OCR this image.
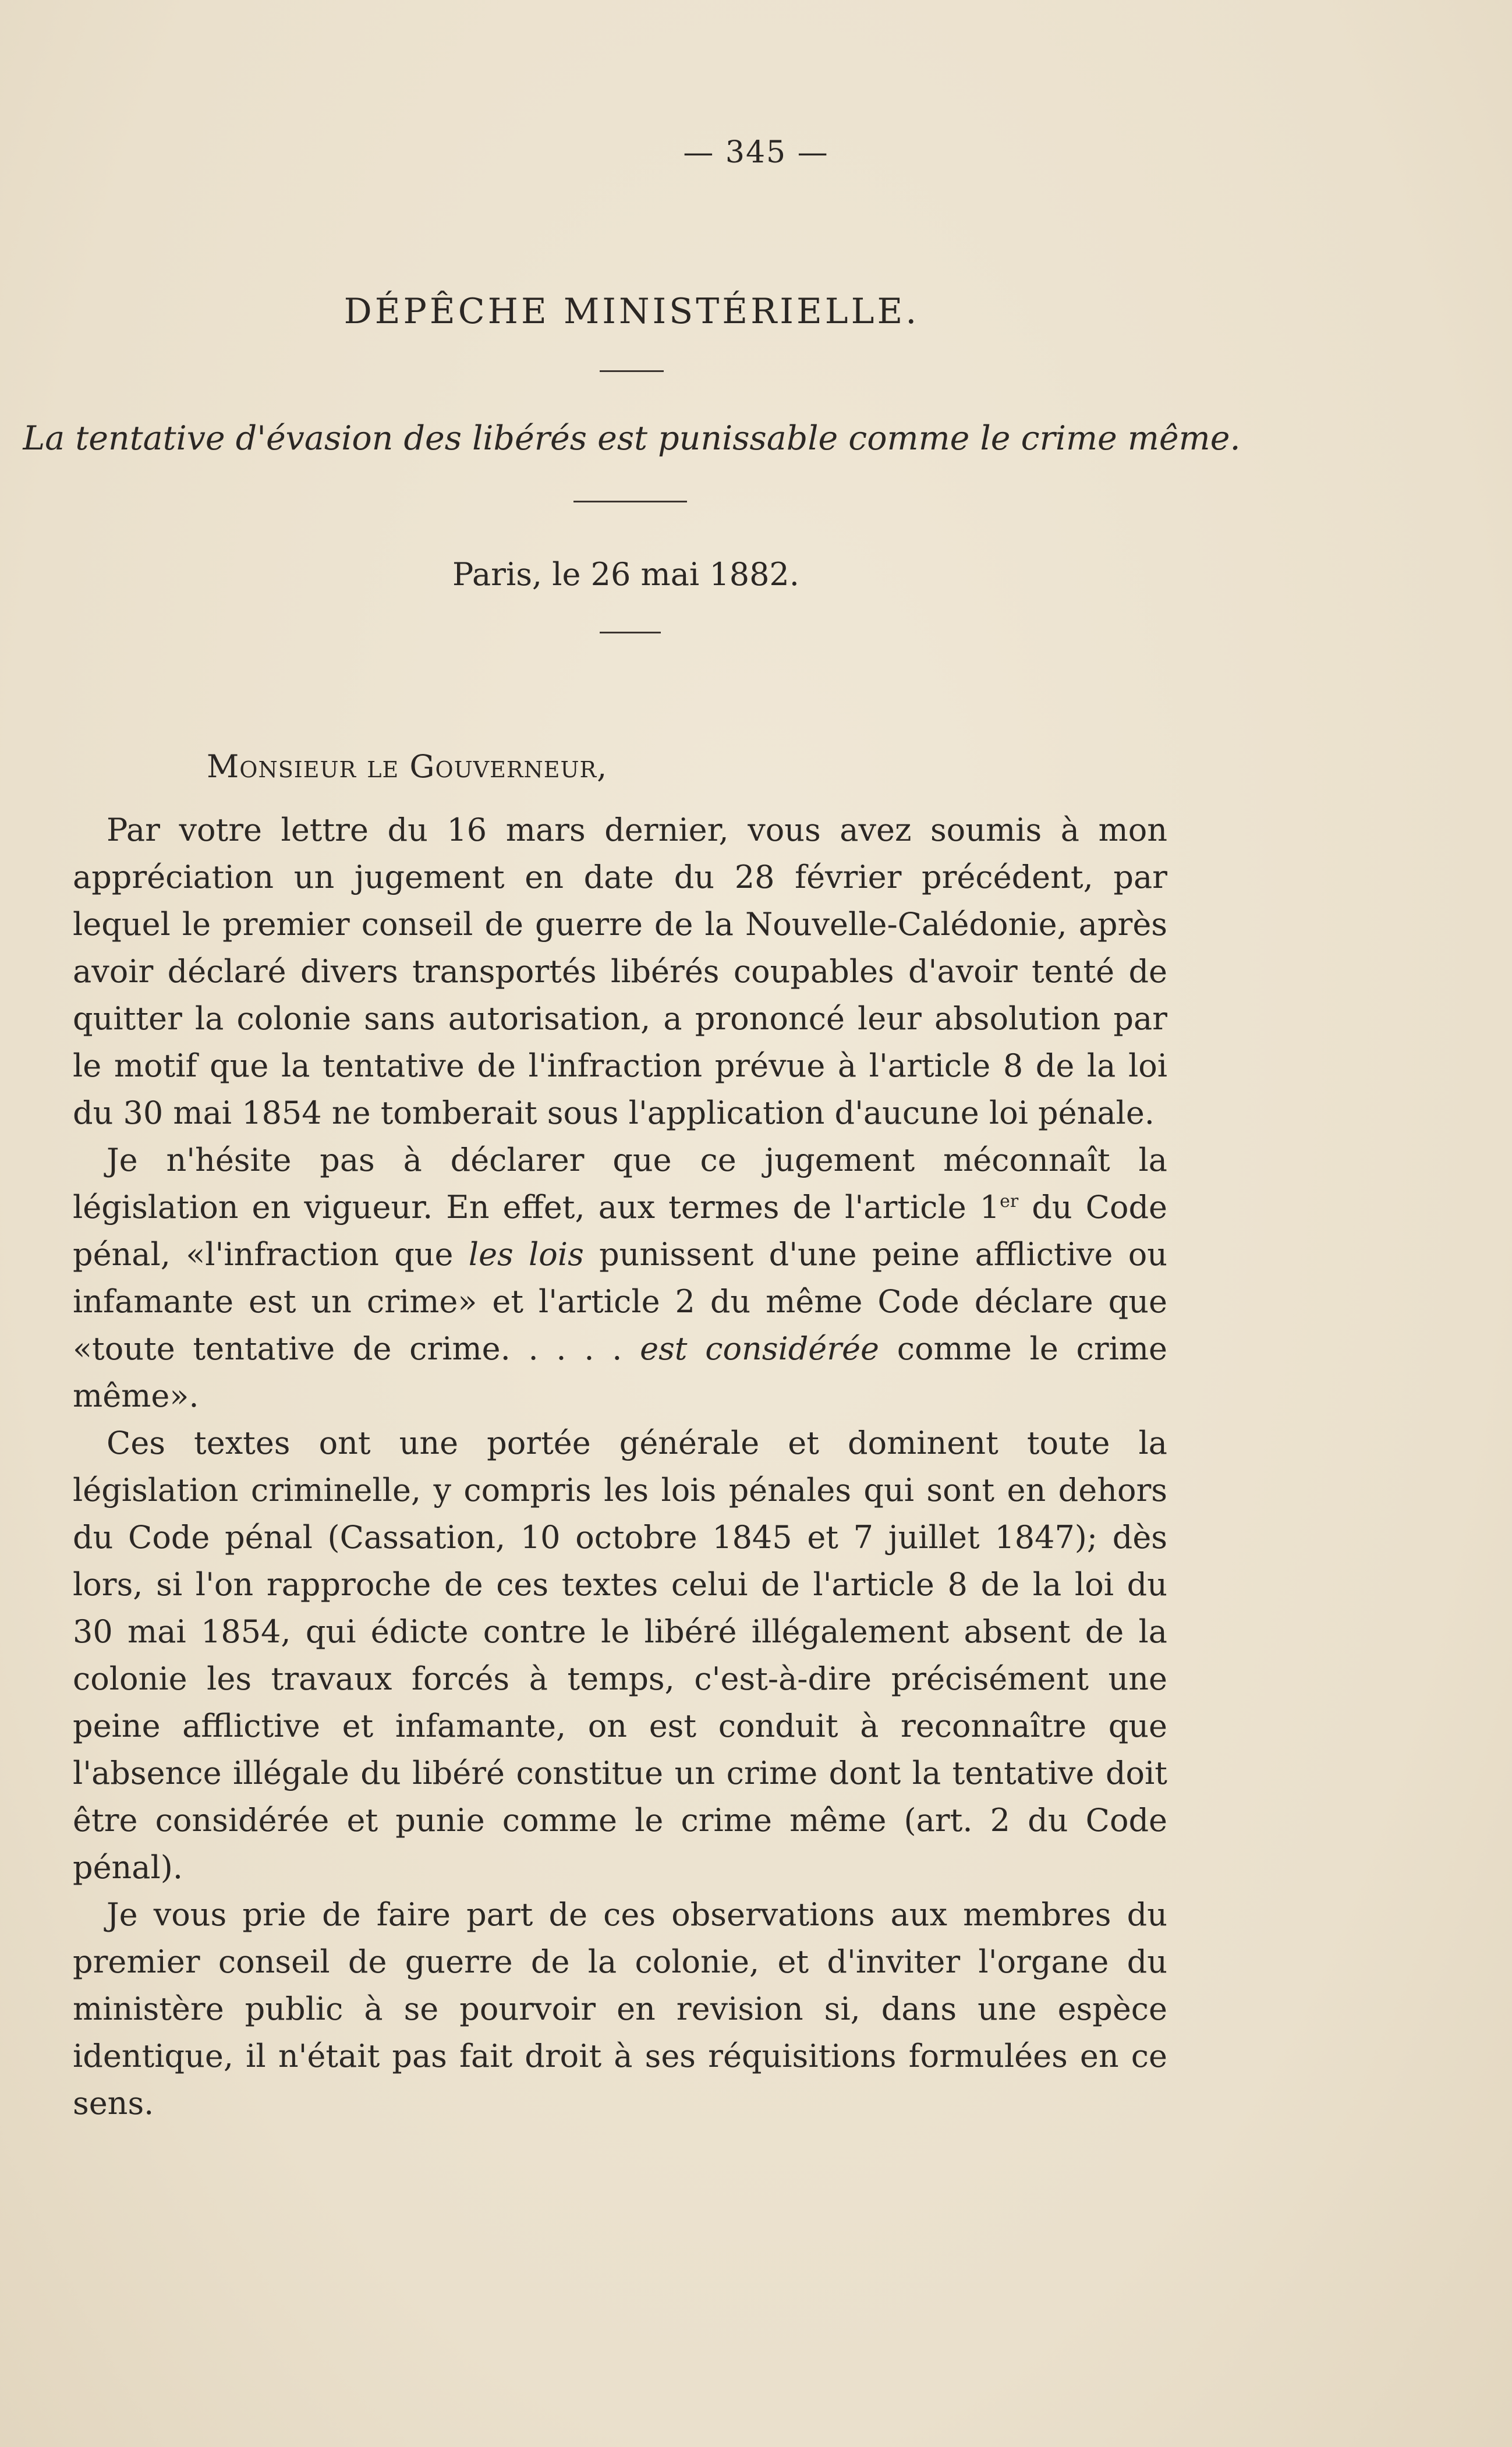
— 345 —
DÉPÊCHE MINISTÉRIELLE.
La tentative d'évasion des libérés est punissable comme le crime même.
Paris, le 26 mai 1882.
Monsieur le Gouverneur,

Par votre lettre du 16 mars dernier, vous avez soumis à mon appréciation un jugement en date du 28 février précédent, par lequel le premier conseil de guerre de la Nouvelle-Calédonie, après avoir déclaré divers transportés libérés coupables d'avoir tenté de quitter la colonie sans autorisation, a prononcé leur absolution par le motif que la tentative de l'infraction prévue à l'article 8 de la loi du 30 mai 1854 ne tomberait sous l'application d'aucune loi pénale.

Je n'hésite pas à déclarer que ce jugement méconnaît la législation en vigueur. En effet, aux termes de l'article 1er du Code pénal, «l'infraction que les lois punissent d'une peine afflictive ou infamante est un crime» et l'article 2 du même Code déclare que «toute tentative de crime. . . . . est considérée comme le crime même».

Ces textes ont une portée générale et dominent toute la législation criminelle, y compris les lois pénales qui sont en dehors du Code pénal (Cassation, 10 octobre 1845 et 7 juillet 1847); dès lors, si l'on rapproche de ces textes celui de l'article 8 de la loi du 30 mai 1854, qui édicte contre le libéré illégalement absent de la colonie les travaux forcés à temps, c'est-à-dire précisément une peine afflictive et infamante, on est conduit à reconnaître que l'absence illégale du libéré constitue un crime dont la tentative doit être considérée et punie comme le crime même (art. 2 du Code pénal).

Je vous prie de faire part de ces observations aux membres du premier conseil de guerre de la colonie, et d'inviter l'organe du ministère public à se pourvoir en revision si, dans une espèce identique, il n'était pas fait droit à ses réquisitions formulées en ce sens.
